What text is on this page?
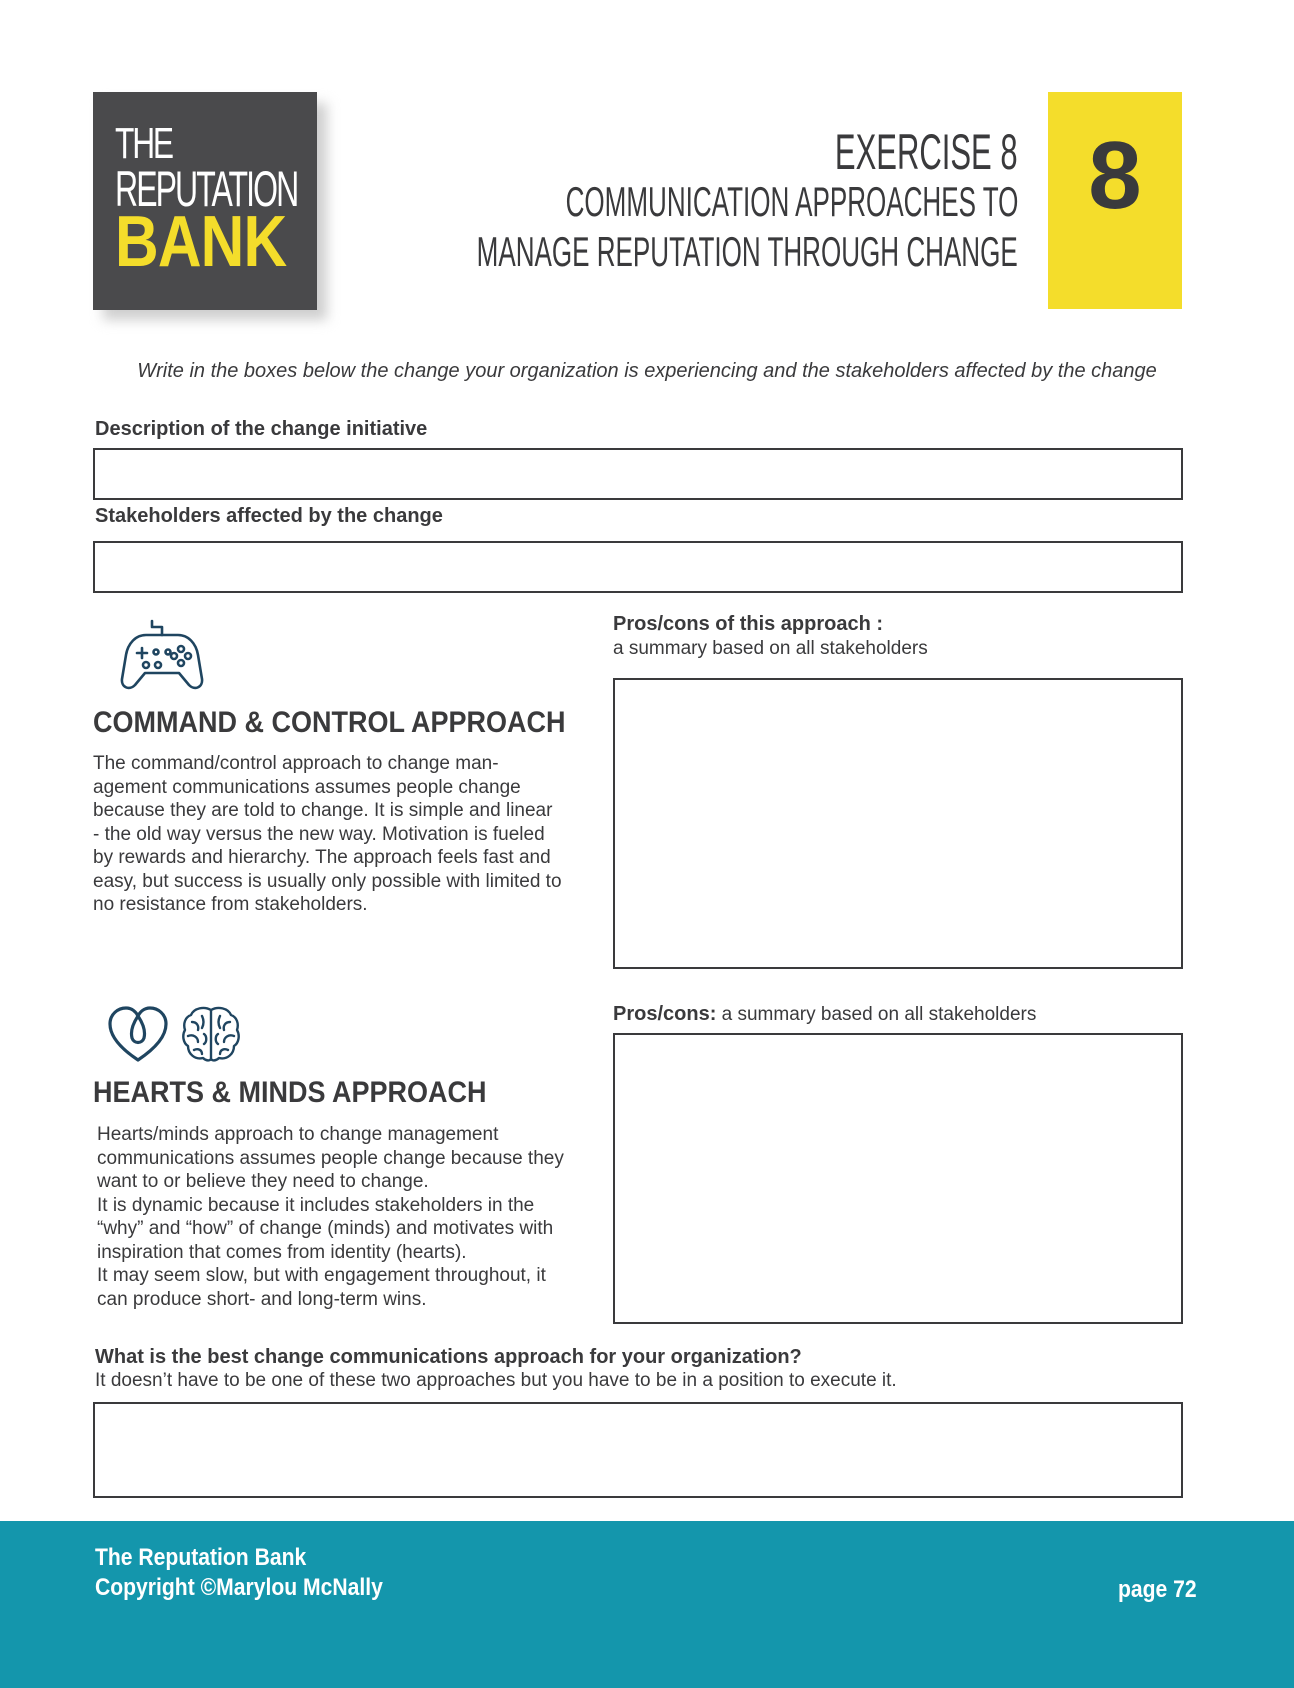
THE
REPUTATION
BANK
EXERCISE 8
COMMUNICATION APPROACHES TO
MANAGE REPUTATION THROUGH CHANGE
8
Write in the boxes below the change your organization is experiencing and the stakeholders affected by the change
Description of the change initiative
Stakeholders affected by the change
COMMAND & CONTROL APPROACH
The command/control approach to change man-agement communications assumes people change because they are told to change. It is simple and linear - the old way versus the new way. Motivation is fueled by rewards and hierarchy. The approach feels fast and easy, but success is usually only possible with limited to no resistance from stakeholders.
Pros/cons of this approach :
a summary based on all stakeholders
HEARTS & MINDS APPROACH

Hearts/minds approach to change management communications assumes people change because they want to or believe they need to change.

It is dynamic because it includes stakeholders in the “why” and “how” of change (minds) and motivates with inspiration that comes from identity (hearts).

It may seem slow, but with engagement throughout, it can produce short- and long-term wins.

Pros/cons: a summary based on all stakeholders
What is the best change communications approach for your organization?
It doesn’t have to be one of these two approaches but you have to be in a position to execute it.
The Reputation Bank
Copyright ©Marylou McNally	page 72
